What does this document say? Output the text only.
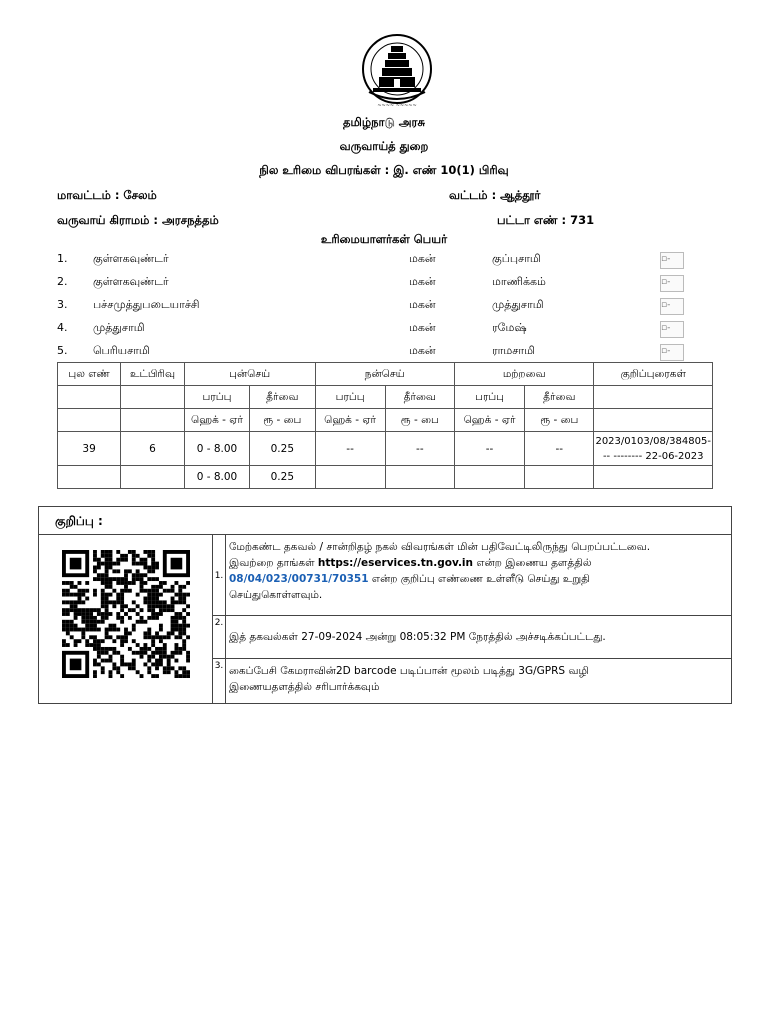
~~~~ ~~~~~
தமிழ்நாடு அரசு
வருவாய்த் துறை
நில உரிமை விபரங்கள் : இ. எண் 10(1) பிரிவு
மாவட்டம் : சேலம்	வட்டம் : ஆத்தூர்
வருவாய் கிராமம் : அரசநத்தம்	பட்டா எண் : 731
உரிமையாளர்கள் பெயர்
1. குள்ளகவுண்டர்	மகன்	குப்புசாமி	▫-
2. குள்ளகவுண்டர்	மகன்	மாணிக்கம்	▫-
3. பச்சமுத்துபடையாச்சி	மகன்	முத்துசாமி	▫-
4. முத்துசாமி	மகன்	ரமேஷ்	▫-
5. பெரியசாமி	மகன்	ராமசாமி	▫-
புல எண்	உட்பிரிவு	புன்செய்		நன்செய்		மற்றவை		குறிப்புரைகள்
		பரப்பு	தீர்வை	பரப்பு	தீர்வை	பரப்பு	தீர்வை	
		ஹெக் - ஏர்	ரூ - பை	ஹெக் - ஏர்	ரூ - பை	ஹெக் - ஏர்	ரூ - பை	
39	6	0 - 8.00	0.25	--	--	--	--	2023/0103/08/384805-
-- -------- 22-06-2023

		0 - 8.00	0.25					
குறிப்பு :		

	1.	மேற்கண்ட தகவல் / சான்றிதழ் நகல் விவரங்கள் மின் பதிவேட்டிலிருந்து பெறப்பட்டவை.
இவற்றை தாங்கள் https://eservices.tn.gov.in என்ற இணைய தளத்தில்
08/04/023/00731/70351 என்ற குறிப்பு எண்ணை உள்ளீடு செய்து உறுதி
செய்துகொள்ளவும்.

	2.	இத் தகவல்கள் 27-09-2024 அன்று 08:05:32 PM நேரத்தில் அச்சடிக்கப்பட்டது.
	3.	கைப்பேசி கேமராவின்2D barcode படிப்பான் மூலம் படித்து 3G/GPRS வழி
இணையதளத்தில் சரிபார்க்கவும்
